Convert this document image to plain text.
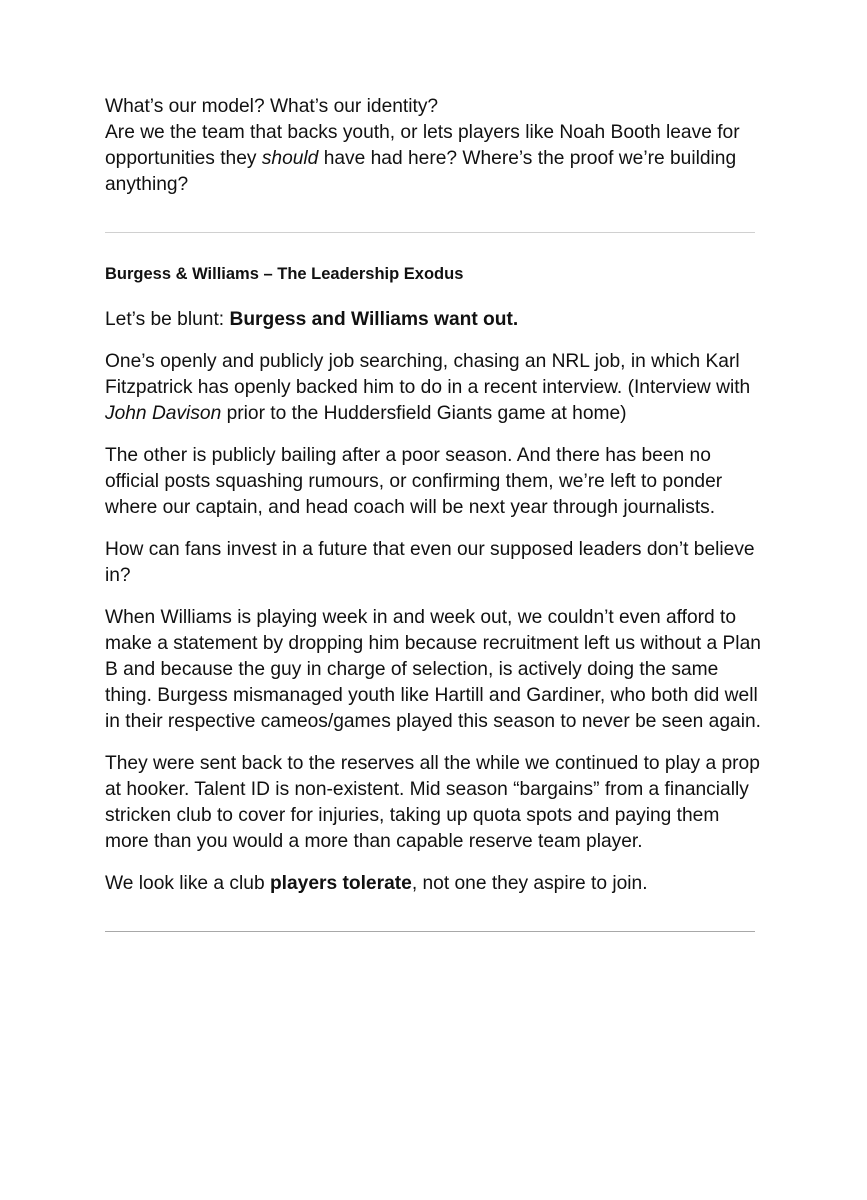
What’s our model? What’s our identity?

Are we the team that backs youth, or lets players like Noah Booth leave for opportunities they should have had here? Where’s the proof we’re building anything?

Burgess & Williams – The Leadership Exodus

Let’s be blunt: Burgess and Williams want out.

One’s openly and publicly job searching, chasing an NRL job, in which Karl Fitzpatrick has openly backed him to do in a recent interview. (Interview with John Davison prior to the Huddersfield Giants game at home)

The other is publicly bailing after a poor season. And there has been no official posts squashing rumours, or confirming them, we’re left to ponder where our captain, and head coach will be next year through journalists.

How can fans invest in a future that even our supposed leaders don’t believe in?

When Williams is playing week in and week out, we couldn’t even afford to make a statement by dropping him because recruitment left us without a Plan B and because the guy in charge of selection, is actively doing the same thing. Burgess mismanaged youth like Hartill and Gardiner, who both did well in their respective cameos/games played this season to never be seen again.

They were sent back to the reserves all the while we continued to play a prop at hooker. Talent ID is non-existent. Mid season “bargains” from a financially stricken club to cover for injuries, taking up quota spots and paying them more than you would a more than capable reserve team player.

We look like a club players tolerate, not one they aspire to join.
